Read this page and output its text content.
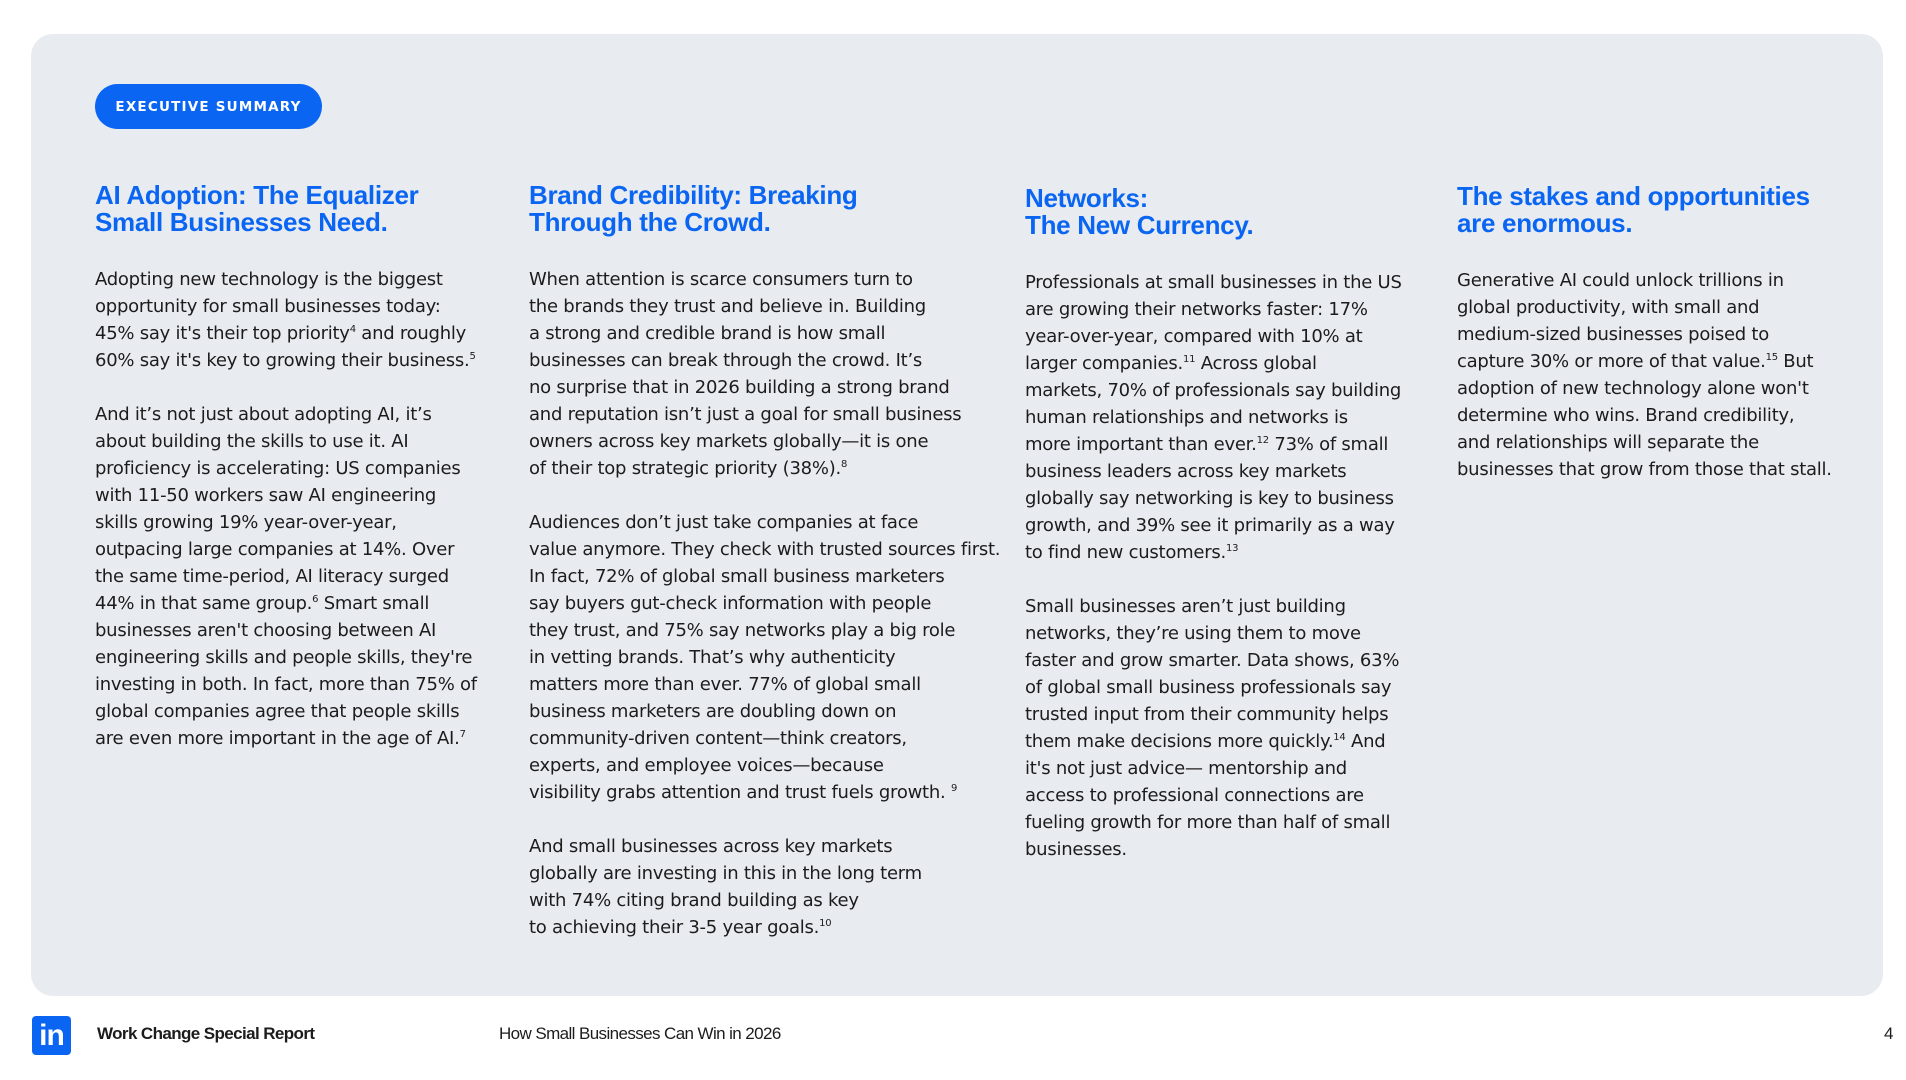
EXECUTIVE SUMMARY
AI Adoption: The Equalizer
Small Businesses Need.

Adopting new technology is the biggest
opportunity for small businesses today:
45% say it's their top priority$^4$ and roughly
60% say it's key to growing their business.$^5$

And it’s not just about adopting AI, it’s
about building the skills to use it. AI
proficiency is accelerating: US companies
with 11-50 workers saw AI engineering
skills growing 19% year-over-year,
outpacing large companies at 14%. Over
the same time-period, AI literacy surged
44% in that same group.$^6$ Smart small
businesses aren't choosing between AI
engineering skills and people skills, they're
investing in both. In fact, more than 75% of
global companies agree that people skills
are even more important in the age of AI.$^7$

Brand Credibility: Breaking
Through the Crowd.

When attention is scarce consumers turn to
the brands they trust and believe in. Building
a strong and credible brand is how small
businesses can break through the crowd. It’s
no surprise that in 2026 building a strong brand
and reputation isn’t just a goal for small business
owners across key markets globally—it is one
of their top strategic priority (38%).$^8$

Audiences don’t just take companies at face
value anymore. They check with trusted sources first.
In fact, 72% of global small business marketers
say buyers gut-check information with people
they trust, and 75% say networks play a big role
in vetting brands. That’s why authenticity
matters more than ever. 77% of global small
business marketers are doubling down on
community-driven content—think creators,
experts, and employee voices—because
visibility grabs attention and trust fuels growth. $^9$

And small businesses across key markets
globally are investing in this in the long term
with 74% citing brand building as key
to achieving their 3-5 year goals.$^{10}$

Networks:
The New Currency.

Professionals at small businesses in the US
are growing their networks faster: 17%
year-over-year, compared with 10% at
larger companies.$^{11}$ Across global
markets, 70% of professionals say building
human relationships and networks is
more important than ever.$^{12}$ 73% of small
business leaders across key markets
globally say networking is key to business
growth, and 39% see it primarily as a way
to find new customers.$^{13}$

Small businesses aren’t just building
networks, they’re using them to move
faster and grow smarter. Data shows, 63%
of global small business professionals say
trusted input from their community helps
them make decisions more quickly.$^{14}$ And
it's not just advice— mentorship and
access to professional connections are
fueling growth for more than half of small
businesses.

The stakes and opportunities
are enormous.

Generative AI could unlock trillions in
global productivity, with small and
medium-sized businesses poised to
capture 30% or more of that value.$^{15}$ But
adoption of new technology alone won't
determine who wins. Brand credibility,
and relationships will separate the
businesses that grow from those that stall.

in	Work Change Special Report	How Small Businesses Can Win in 2026	4
